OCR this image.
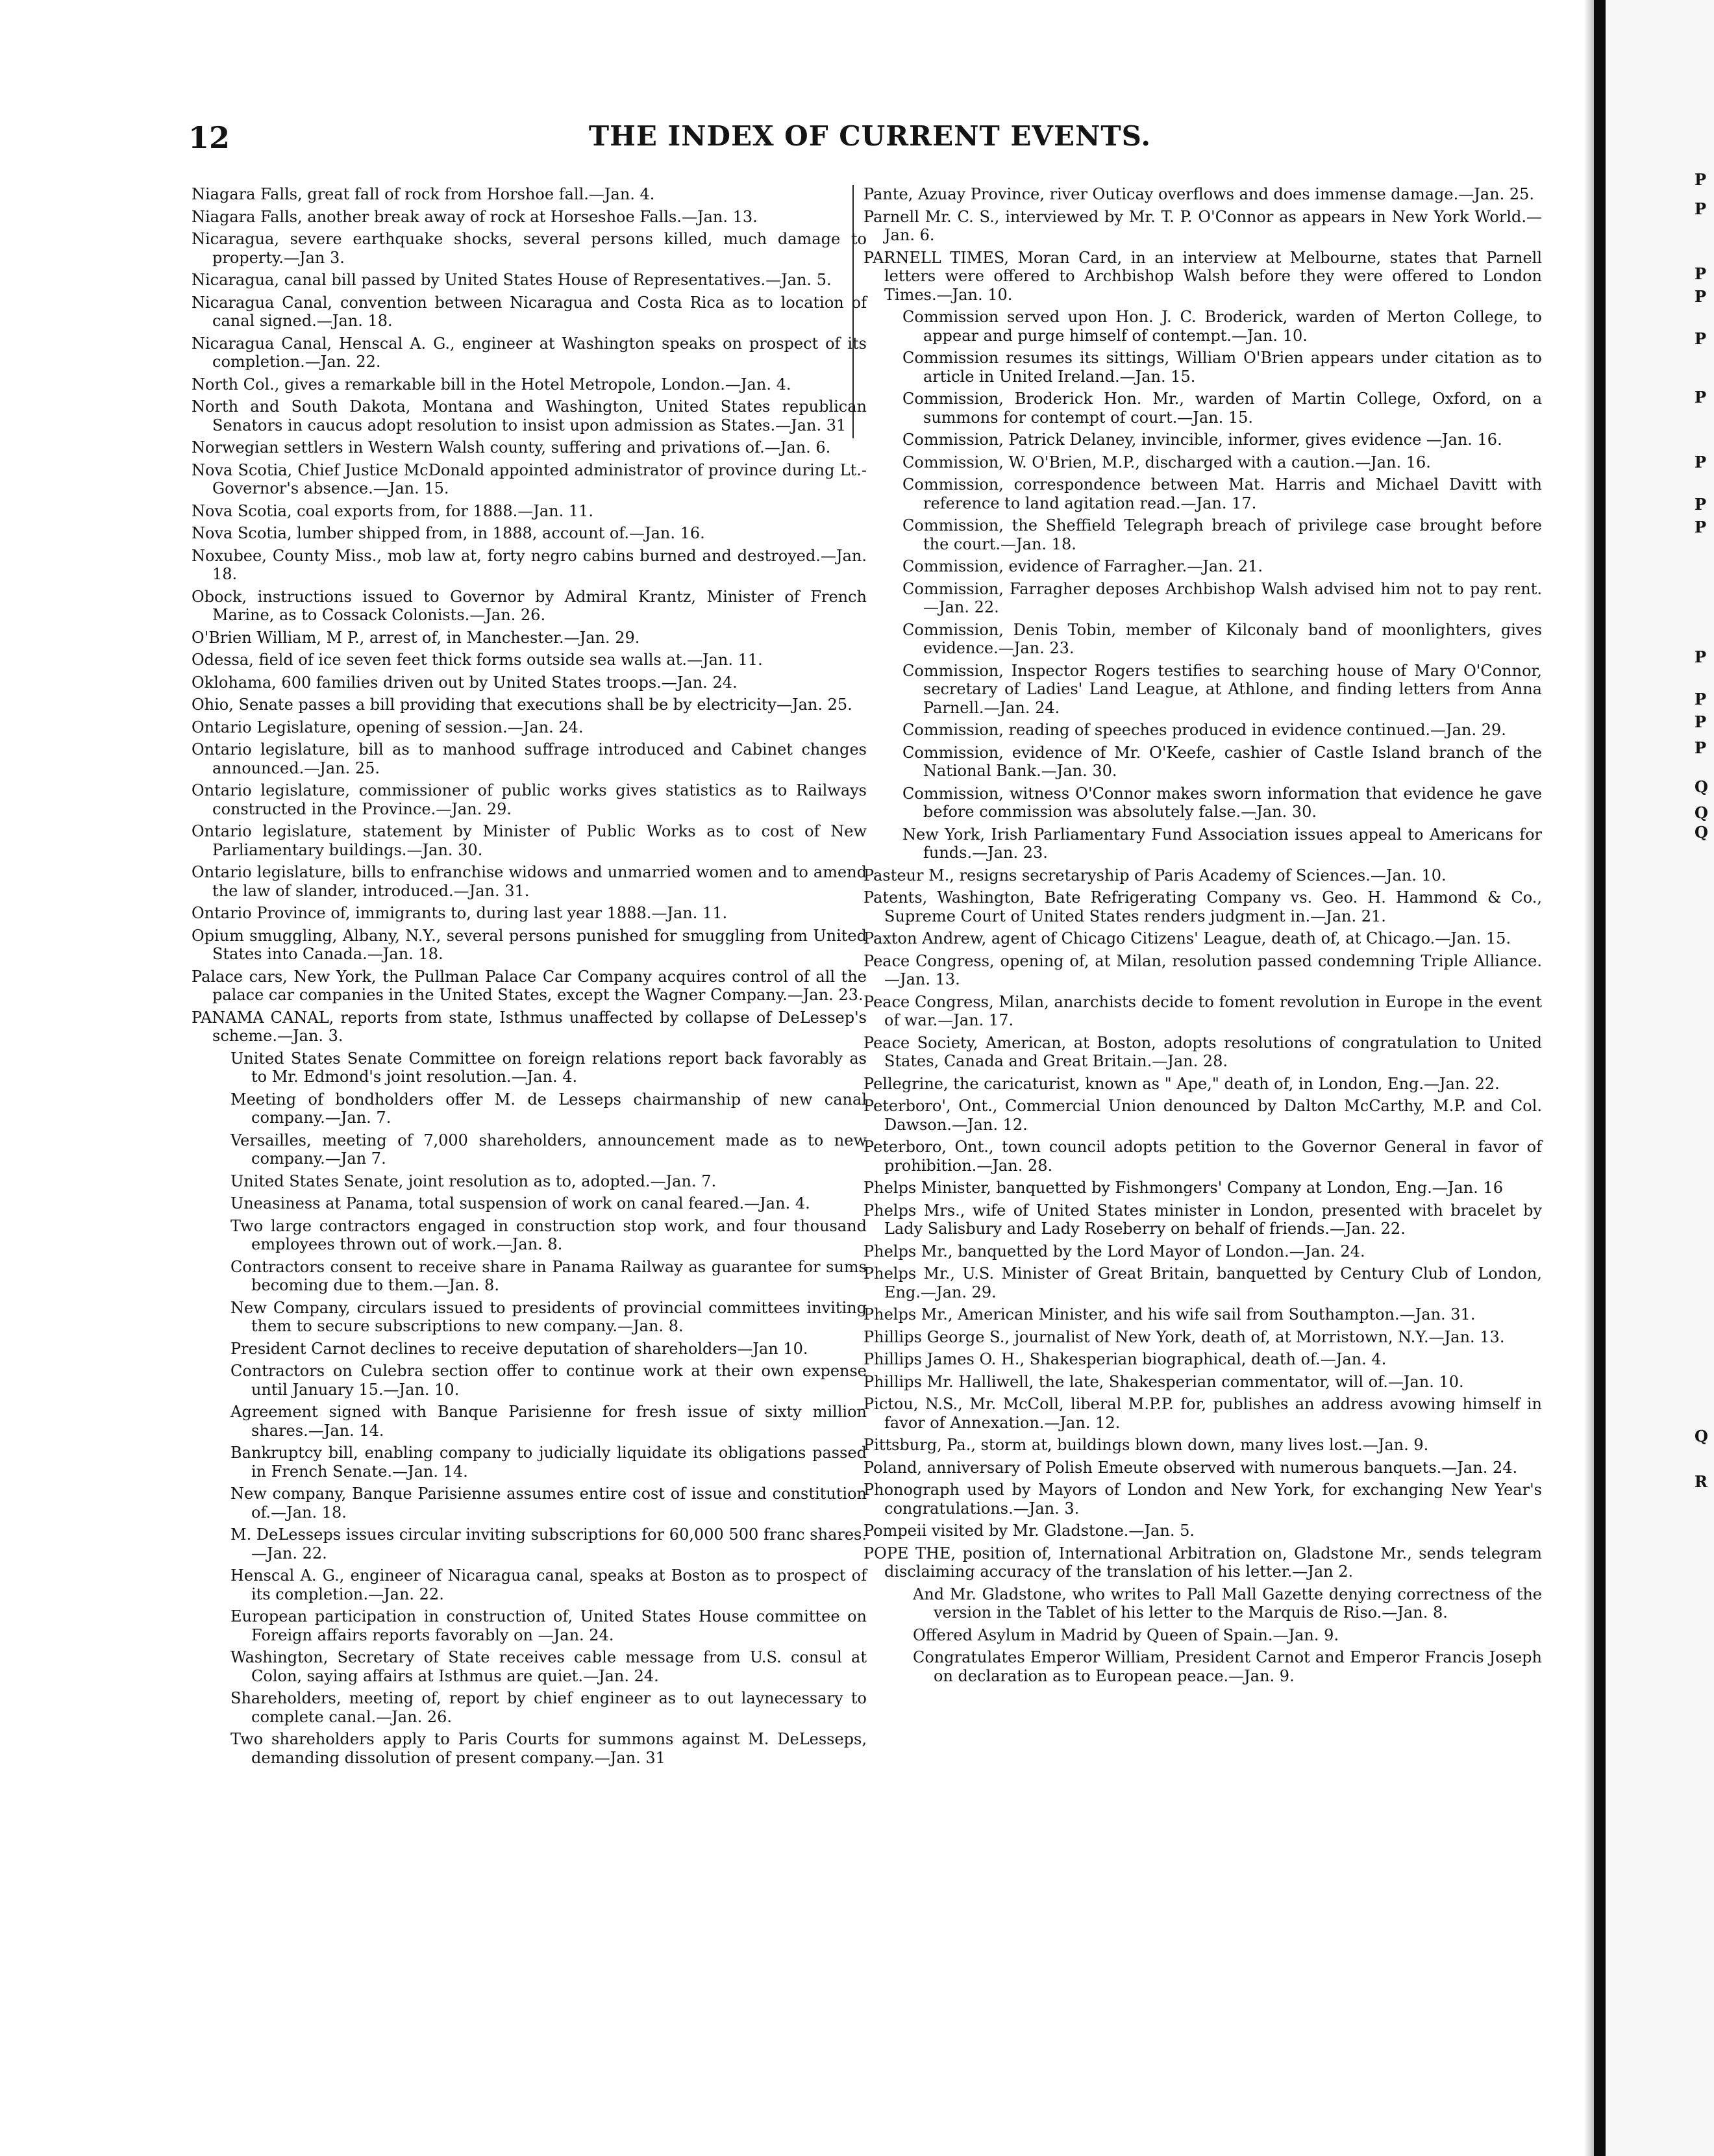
12	THE INDEX OF CURRENT EVENTS.

Niagara Falls, great fall of rock from Horshoe fall.—Jan. 4.

Niagara Falls, another break away of rock at Horseshoe Falls.—Jan. 13.

Nicaragua, severe earthquake shocks, several persons killed, much damage to property.—Jan 3.

Nicaragua, canal bill passed by United States House of Representatives.—Jan. 5.

Nicaragua Canal, convention between Nicaragua and Costa Rica as to location of canal signed.—Jan. 18.

Nicaragua Canal, Henscal A. G., engineer at Washington speaks on prospect of its completion.—Jan. 22.

North Col., gives a remarkable bill in the Hotel Metropole, London.—Jan. 4.

North and South Dakota, Montana and Washington, United States republican Senators in caucus adopt resolution to insist upon admission as States.—Jan. 31

Norwegian settlers in Western Walsh county, suffering and privations of.—Jan. 6.

Nova Scotia, Chief Justice McDonald appointed administrator of province during Lt.-Governor's absence.—Jan. 15.

Nova Scotia, coal exports from, for 1888.—Jan. 11.

Nova Scotia, lumber shipped from, in 1888, account of.—Jan. 16.

Noxubee, County Miss., mob law at, forty negro cabins burned and destroyed.—Jan. 18.

Obock, instructions issued to Governor by Admiral Krantz, Minister of French Marine, as to Cossack Colonists.—Jan. 26.

O'Brien William, M P., arrest of, in Manchester.—Jan. 29.

Odessa, field of ice seven feet thick forms outside sea walls at.—Jan. 11.

Oklohama, 600 families driven out by United States troops.—Jan. 24.

Ohio, Senate passes a bill providing that executions shall be by electricity—Jan. 25.

Ontario Legislature, opening of session.—Jan. 24.

Ontario legislature, bill as to manhood suffrage introduced and Cabinet changes announced.—Jan. 25.

Ontario legislature, commissioner of public works gives statistics as to Railways constructed in the Province.—Jan. 29.

Ontario legislature, statement by Minister of Public Works as to cost of New Parliamentary buildings.—Jan. 30.

Ontario legislature, bills to enfranchise widows and unmarried women and to amend the law of slander, introduced.—Jan. 31.

Ontario Province of, immigrants to, during last year 1888.—Jan. 11.

Opium smuggling, Albany, N.Y., several persons punished for smuggling from United States into Canada.—Jan. 18.

Palace cars, New York, the Pullman Palace Car Company acquires control of all the palace car companies in the United States, except the Wagner Company.—Jan. 23.

PANAMA CANAL, reports from state, Isthmus unaffected by collapse of DeLessep's scheme.—Jan. 3.

United States Senate Committee on foreign relations report back favorably as to Mr. Edmond's joint resolution.—Jan. 4.

Meeting of bondholders offer M. de Lesseps chairmanship of new canal company.—Jan. 7.

Versailles, meeting of 7,000 shareholders, announcement made as to new company.—Jan 7.

United States Senate, joint resolution as to, adopted.—Jan. 7.

Uneasiness at Panama, total suspension of work on canal feared.—Jan. 4.

Two large contractors engaged in construction stop work, and four thousand employees thrown out of work.—Jan. 8.

Contractors consent to receive share in Panama Railway as guarantee for sums becoming due to them.—Jan. 8.

New Company, circulars issued to presidents of provincial committees inviting them to secure subscriptions to new company.—Jan. 8.

President Carnot declines to receive deputation of shareholders—Jan 10.

Contractors on Culebra section offer to continue work at their own expense until January 15.—Jan. 10.

Agreement signed with Banque Parisienne for fresh issue of sixty million shares.—Jan. 14.

Bankruptcy bill, enabling company to judicially liquidate its obligations passed in French Senate.—Jan. 14.

New company, Banque Parisienne assumes entire cost of issue and constitution of.—Jan. 18.

M. DeLesseps issues circular inviting subscriptions for 60,000 500 franc shares.—Jan. 22.

Henscal A. G., engineer of Nicaragua canal, speaks at Boston as to prospect of its completion.—Jan. 22.

European participation in construction of, United States House committee on Foreign affairs reports favorably on —Jan. 24.

Washington, Secretary of State receives cable message from U.S. consul at Colon, saying affairs at Isthmus are quiet.—Jan. 24.

Shareholders, meeting of, report by chief engineer as to out laynecessary to complete canal.—Jan. 26.

Two shareholders apply to Paris Courts for summons against M. DeLesseps, demanding dissolution of present company.—Jan. 31

Pante, Azuay Province, river Outicay overflows and does immense damage.—Jan. 25.

Parnell Mr. C. S., interviewed by Mr. T. P. O'Connor as appears in New York World.—Jan. 6.

PARNELL TIMES, Moran Card, in an interview at Melbourne, states that Parnell letters were offered to Archbishop Walsh before they were offered to London Times.—Jan. 10.

Commission served upon Hon. J. C. Broderick, warden of Merton College, to appear and purge himself of contempt.—Jan. 10.

Commission resumes its sittings, William O'Brien appears under citation as to article in United Ireland.—Jan. 15.

Commission, Broderick Hon. Mr., warden of Martin College, Oxford, on a summons for contempt of court.—Jan. 15.

Commission, Patrick Delaney, invincible, informer, gives evidence —Jan. 16.

Commission, W. O'Brien, M.P., discharged with a caution.—Jan. 16.

Commission, correspondence between Mat. Harris and Michael Davitt with reference to land agitation read.—Jan. 17.

Commission, the Sheffield Telegraph breach of privilege case brought before the court.—Jan. 18.

Commission, evidence of Farragher.—Jan. 21.

Commission, Farragher deposes Archbishop Walsh advised him not to pay rent.—Jan. 22.

Commission, Denis Tobin, member of Kilconaly band of moonlighters, gives evidence.—Jan. 23.

Commission, Inspector Rogers testifies to searching house of Mary O'Connor, secretary of Ladies' Land League, at Athlone, and finding letters from Anna Parnell.—Jan. 24.

Commission, reading of speeches produced in evidence continued.—Jan. 29.

Commission, evidence of Mr. O'Keefe, cashier of Castle Island branch of the National Bank.—Jan. 30.

Commission, witness O'Connor makes sworn information that evidence he gave before commission was absolutely false.—Jan. 30.

New York, Irish Parliamentary Fund Association issues appeal to Americans for funds.—Jan. 23.

Pasteur M., resigns secretaryship of Paris Academy of Sciences.—Jan. 10.

Patents, Washington, Bate Refrigerating Company vs. Geo. H. Hammond & Co., Supreme Court of United States renders judgment in.—Jan. 21.

Paxton Andrew, agent of Chicago Citizens' League, death of, at Chicago.—Jan. 15.

Peace Congress, opening of, at Milan, resolution passed condemning Triple Alliance.—Jan. 13.

Peace Congress, Milan, anarchists decide to foment revolution in Europe in the event of war.—Jan. 17.

Peace Society, American, at Boston, adopts resolutions of congratulation to United States, Canada and Great Britain.—Jan. 28.

Pellegrine, the caricaturist, known as " Ape," death of, in London, Eng.—Jan. 22.

Peterboro', Ont., Commercial Union denounced by Dalton McCarthy, M.P. and Col. Dawson.—Jan. 12.

Peterboro, Ont., town council adopts petition to the Governor General in favor of prohibition.—Jan. 28.

Phelps Minister, banquetted by Fishmongers' Company at London, Eng.—Jan. 16

Phelps Mrs., wife of United States minister in London, presented with bracelet by Lady Salisbury and Lady Roseberry on behalf of friends.—Jan. 22.

Phelps Mr., banquetted by the Lord Mayor of London.—Jan. 24.

Phelps Mr., U.S. Minister of Great Britain, banquetted by Century Club of London, Eng.—Jan. 29.

Phelps Mr., American Minister, and his wife sail from Southampton.—Jan. 31.

Phillips George S., journalist of New York, death of, at Morristown, N.Y.—Jan. 13.

Phillips James O. H., Shakesperian biographical, death of.—Jan. 4.

Phillips Mr. Halliwell, the late, Shakesperian commentator, will of.—Jan. 10.

Pictou, N.S., Mr. McColl, liberal M.P.P. for, publishes an address avowing himself in favor of Annexation.—Jan. 12.

Pittsburg, Pa., storm at, buildings blown down, many lives lost.—Jan. 9.

Poland, anniversary of Polish Emeute observed with numerous banquets.—Jan. 24.

Phonograph used by Mayors of London and New York, for exchanging New Year's congratulations.—Jan. 3.

Pompeii visited by Mr. Gladstone.—Jan. 5.

POPE THE, position of, International Arbitration on, Gladstone Mr., sends telegram disclaiming accuracy of the translation of his letter.—Jan 2.

And Mr. Gladstone, who writes to Pall Mall Gazette denying correctness of the version in the Tablet of his letter to the Marquis de Riso.—Jan. 8.

Offered Asylum in Madrid by Queen of Spain.—Jan. 9.

Congratulates Emperor William, President Carnot and Emperor Francis Joseph on declaration as to European peace.—Jan. 9.

P
P
P
P
P
P
P
P
P
P
P
P
P
Q
Q
Q
Q
R
